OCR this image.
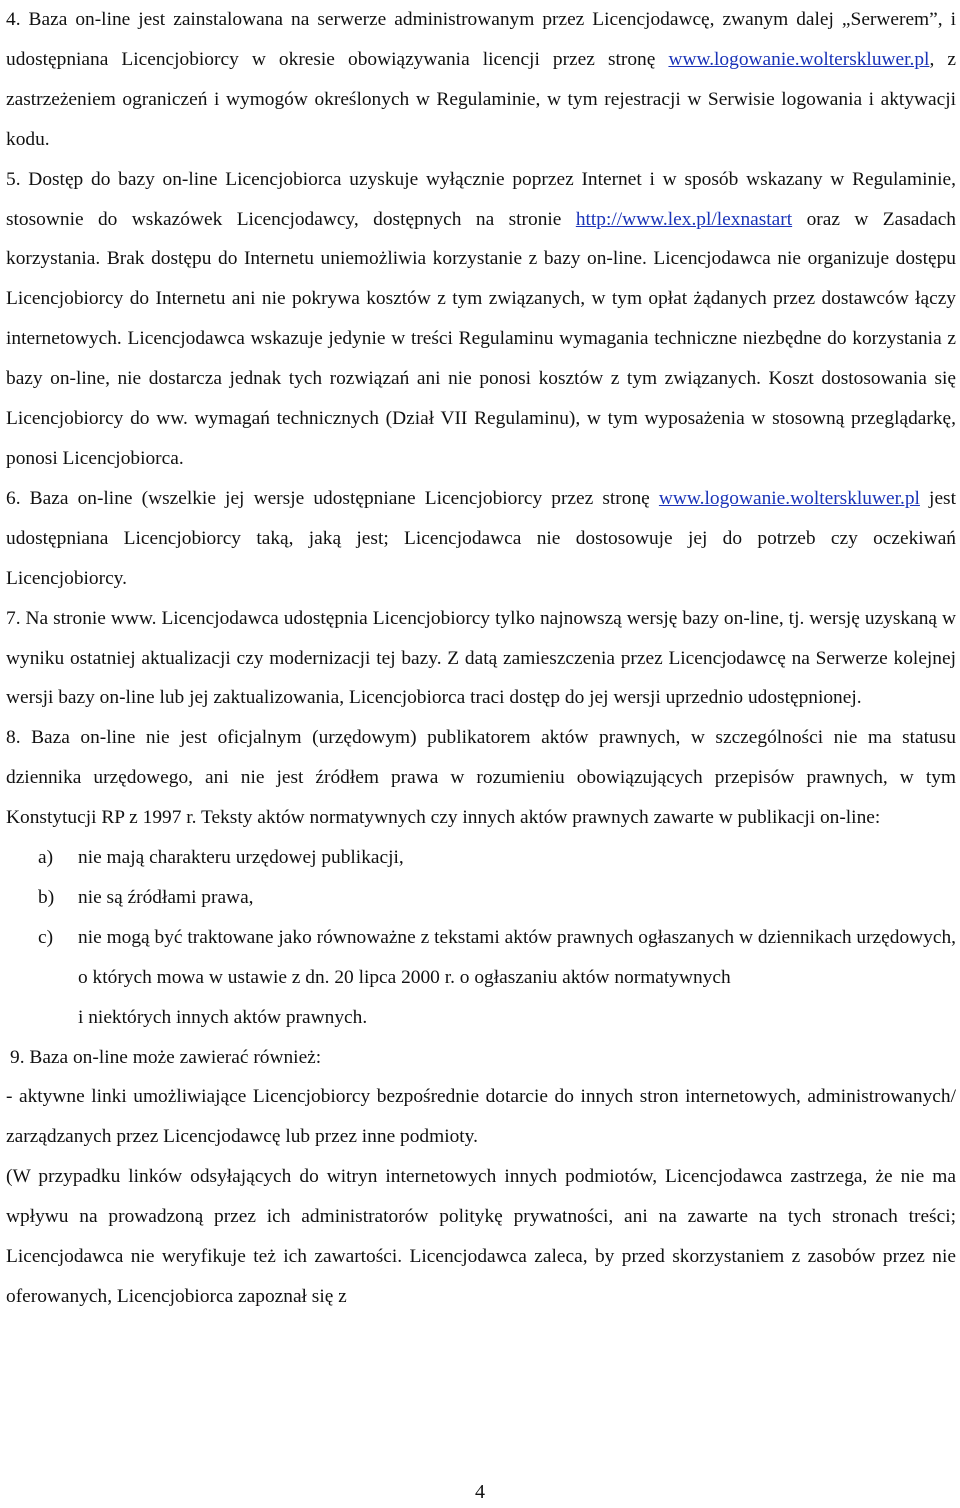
4. Baza on-line jest zainstalowana na serwerze administrowanym przez Licencjodawcę, zwanym dalej „Serwerem”, i udostępniana Licencjobiorcy w okresie obowiązywania licencji przez stronę www.logowanie.wolterskluwer.pl, z zastrzeżeniem ograniczeń i wymogów określonych w Regulaminie, w tym rejestracji w Serwisie logowania i aktywacji kodu.

5. Dostęp do bazy on-line Licencjobiorca uzyskuje wyłącznie poprzez Internet i w sposób wskazany w Regulaminie, stosownie do wskazówek Licencjodawcy, dostępnych na stronie http://www.lex.pl/lexnastart oraz w Zasadach korzystania. Brak dostępu do Internetu uniemożliwia korzystanie z bazy on-line. Licencjodawca nie organizuje dostępu Licencjobiorcy do Internetu ani nie pokrywa kosztów z tym związanych, w tym opłat żądanych przez dostawców łączy internetowych. Licencjodawca wskazuje jedynie w treści Regulaminu wymagania techniczne niezbędne do korzystania z bazy on-line, nie dostarcza jednak tych rozwiązań ani nie ponosi kosztów z tym związanych. Koszt dostosowania się Licencjobiorcy do ww. wymagań technicznych (Dział VII Regulaminu), w tym wyposażenia w stosowną przeglądarkę, ponosi Licencjobiorca.

6. Baza on-line (wszelkie jej wersje udostępniane Licencjobiorcy przez stronę www.logowanie.wolterskluwer.pl jest udostępniana Licencjobiorcy taką, jaką jest; Licencjodawca nie dostosowuje jej do potrzeb czy oczekiwań Licencjobiorcy.

7. Na stronie www. Licencjodawca udostępnia Licencjobiorcy tylko najnowszą wersję bazy on-line, tj. wersję uzyskaną w wyniku ostatniej aktualizacji czy modernizacji tej bazy. Z datą zamieszczenia przez Licencjodawcę na Serwerze kolejnej wersji bazy on-line lub jej zaktualizowania, Licencjobiorca traci dostęp do jej wersji uprzednio udostępnionej.

8. Baza on-line nie jest oficjalnym (urzędowym) publikatorem aktów prawnych, w szczególności nie ma statusu dziennika urzędowego, ani nie jest źródłem prawa w rozumieniu obowiązujących przepisów prawnych, w tym Konstytucji RP z 1997 r. Teksty aktów normatywnych czy innych aktów prawnych zawarte w publikacji on-line:

a)	nie mają charakteru urzędowej publikacji,
b)	nie są źródłami prawa,
c)	nie mogą być traktowane jako równoważne z tekstami aktów prawnych ogłaszanych w dziennikach urzędowych, o których mowa w ustawie z dn. 20 lipca 2000 r. o ogłaszaniu aktów normatywnych

i niektórych innych aktów prawnych.

9. Baza on-line może zawierać również:

- aktywne linki umożliwiające Licencjobiorcy bezpośrednie dotarcie do innych stron internetowych, administrowanych/ zarządzanych przez Licencjodawcę lub przez inne podmioty.

(W przypadku linków odsyłających do witryn internetowych innych podmiotów, Licencjodawca zastrzega, że nie ma wpływu na prowadzoną przez ich administratorów politykę prywatności, ani na zawarte na tych stronach treści; Licencjodawca nie weryfikuje też ich zawartości. Licencjodawca zaleca, by przed skorzystaniem z zasobów przez nie oferowanych, Licencjobiorca zapoznał się z

4
